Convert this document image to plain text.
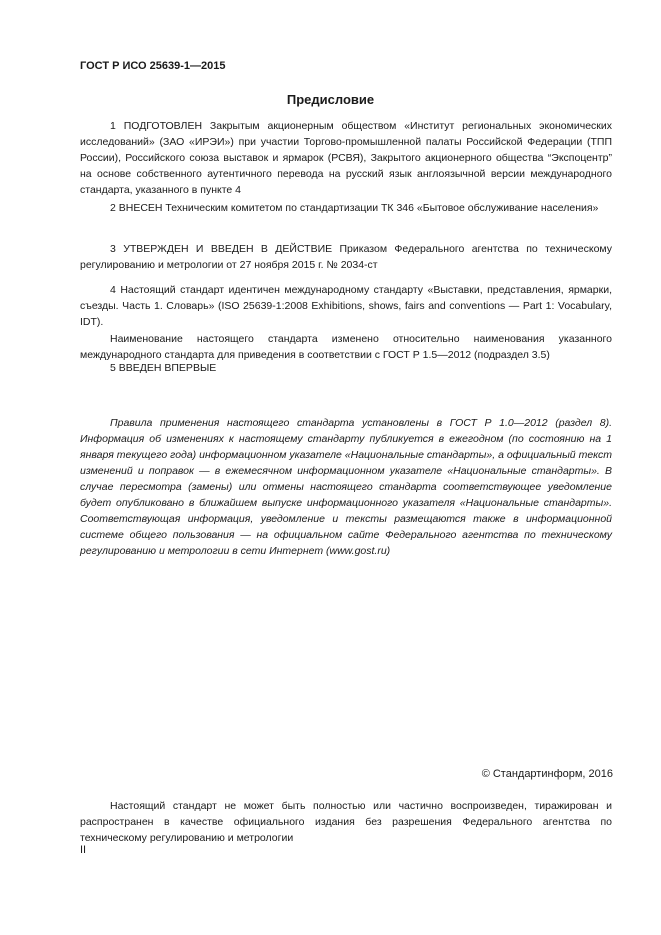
ГОСТ Р ИСО 25639-1—2015
Предисловие

1 ПОДГОТОВЛЕН Закрытым акционерным обществом «Институт региональных экономических исследований» (ЗАО «ИРЭИ») при участии Торгово-промышленной палаты Российской Федерации (ТПП России), Российского союза выставок и ярмарок (РСВЯ), Закрытого акционерного общества “Экспоцентр” на основе собственного аутентичного перевода на русский язык англоязычной версии международного стандарта, указанного в пункте 4

2 ВНЕСЕН Техническим комитетом по стандартизации ТК 346 «Бытовое обслуживание населения»

3 УТВЕРЖДЕН И ВВЕДЕН В ДЕЙСТВИЕ Приказом Федерального агентства по техническому регулированию и метрологии от 27 ноября 2015 г. № 2034-ст

4 Настоящий стандарт идентичен международному стандарту «Выставки, представления, ярмарки, съезды. Часть 1. Словарь» (ISO 25639-1:2008 Exhibitions, shows, fairs and conventions — Part 1: Vocabulary, IDT).

Наименование настоящего стандарта изменено относительно наименования указанного международного стандарта для приведения в соответствии с ГОСТ Р 1.5—2012 (подраздел 3.5)

5 ВВЕДЕН ВПЕРВЫЕ

Правила применения настоящего стандарта установлены в ГОСТ Р 1.0—2012 (раздел 8). Информация об изменениях к настоящему стандарту публикуется в ежегодном (по состоянию на 1 января текущего года) информационном указателе «Национальные стандарты», а официальный текст изменений и поправок — в ежемесячном информационном указателе «Национальные стандарты». В случае пересмотра (замены) или отмены настоящего стандарта соответствующее уведомление будет опубликовано в ближайшем выпуске информационного указателя «Национальные стандарты». Соответствующая информация, уведомление и тексты размещаются также в информационной системе общего пользования — на официальном сайте Федерального агентства по техническому регулированию и метрологии в сети Интернет (www.gost.ru)

© Стандартинформ, 2016

Настоящий стандарт не может быть полностью или частично воспроизведен, тиражирован и распространен в качестве официального издания без разрешения Федерального агентства по техническому регулированию и метрологии

II
